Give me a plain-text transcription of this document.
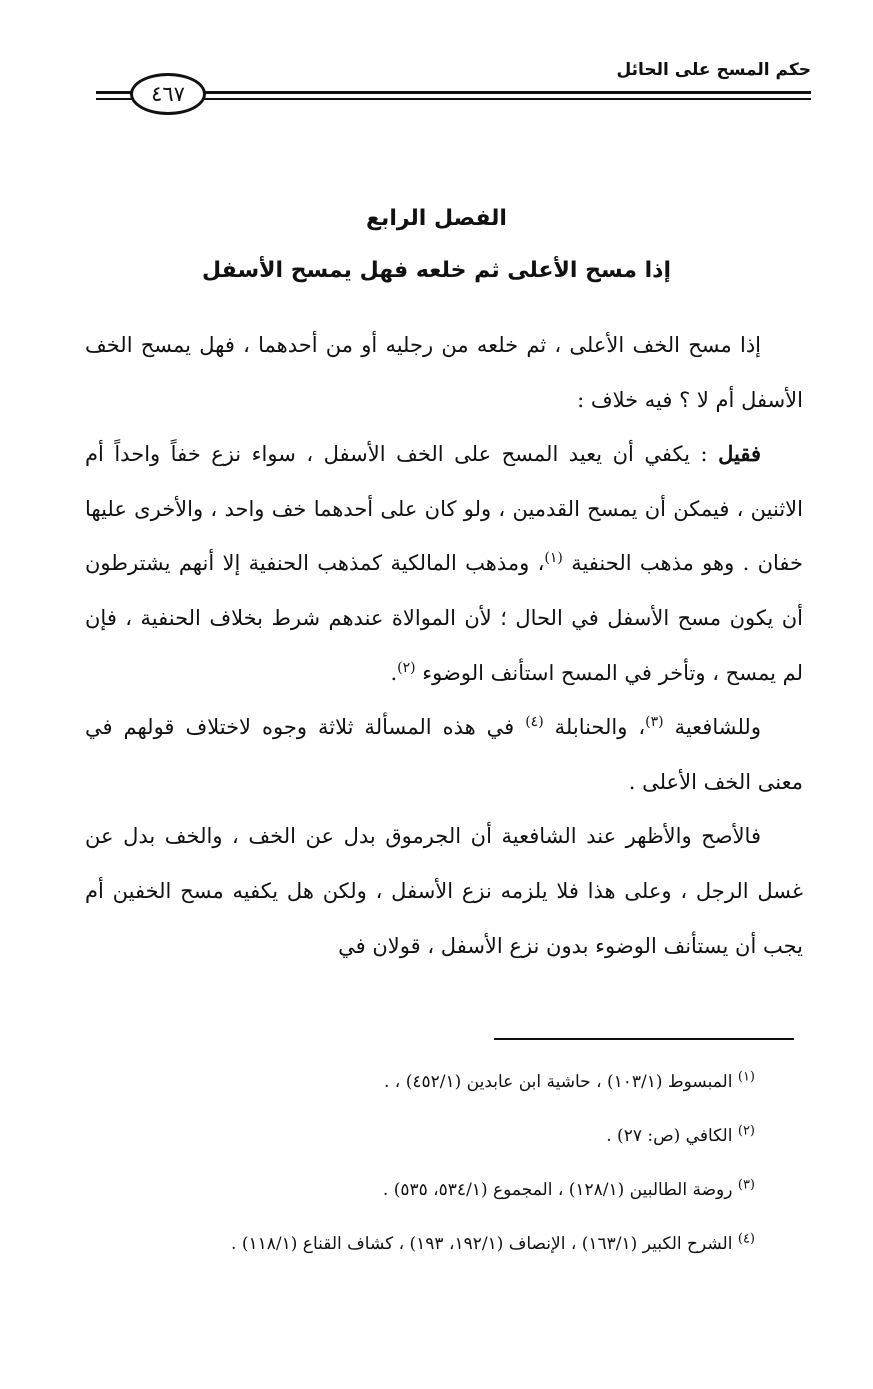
حكم المسح على الحائل
٤٦٧
الفصل الرابع
إذا مسح الأعلى ثم خلعه فهل يمسح الأسفل

إذا مسح الخف الأعلى ، ثم خلعه من رجليه أو من أحدهما ، فهل يمسح الخف الأسفل أم لا ؟ فيه خلاف :

فقيل : يكفي أن يعيد المسح على الخف الأسفل ، سواء نزع خفاً واحداً أم الاثنين ، فيمكن أن يمسح القدمين ، ولو كان على أحدهما خف واحد ، والأخرى عليها خفان . وهو مذهب الحنفية $^{(١)}$، ومذهب المالكية كمذهب الحنفية إلا أنهم يشترطون أن يكون مسح الأسفل في الحال ؛ لأن الموالاة عندهم شرط بخلاف الحنفية ، فإن لم يمسح ، وتأخر في المسح استأنف الوضوء $^{(٢)}$.

وللشافعية $^{(٣)}$، والحنابلة $^{(٤)}$ في هذه المسألة ثلاثة وجوه لاختلاف قولهم في معنى الخف الأعلى .

فالأصح والأظهر عند الشافعية أن الجرموق بدل عن الخف ، والخف بدل عن غسل الرجل ، وعلى هذا فلا يلزمه نزع الأسفل ، ولكن هل يكفيه مسح الخفين أم يجب أن يستأنف الوضوء بدون نزع الأسفل ، قولان في

$^{(١)}$ المبسوط (١٠٣/١) ، حاشية ابن عابدين (٤٥٢/١) ، .

$^{(٢)}$ الكافي (ص: ٢٧) .

$^{(٣)}$ روضة الطالبين (١٢٨/١) ، المجموع (٥٣٤/١، ٥٣٥) .

$^{(٤)}$ الشرح الكبير (١٦٣/١) ، الإنصاف (١٩٢/١، ١٩٣) ، كشاف القناع (١١٨/١) .
